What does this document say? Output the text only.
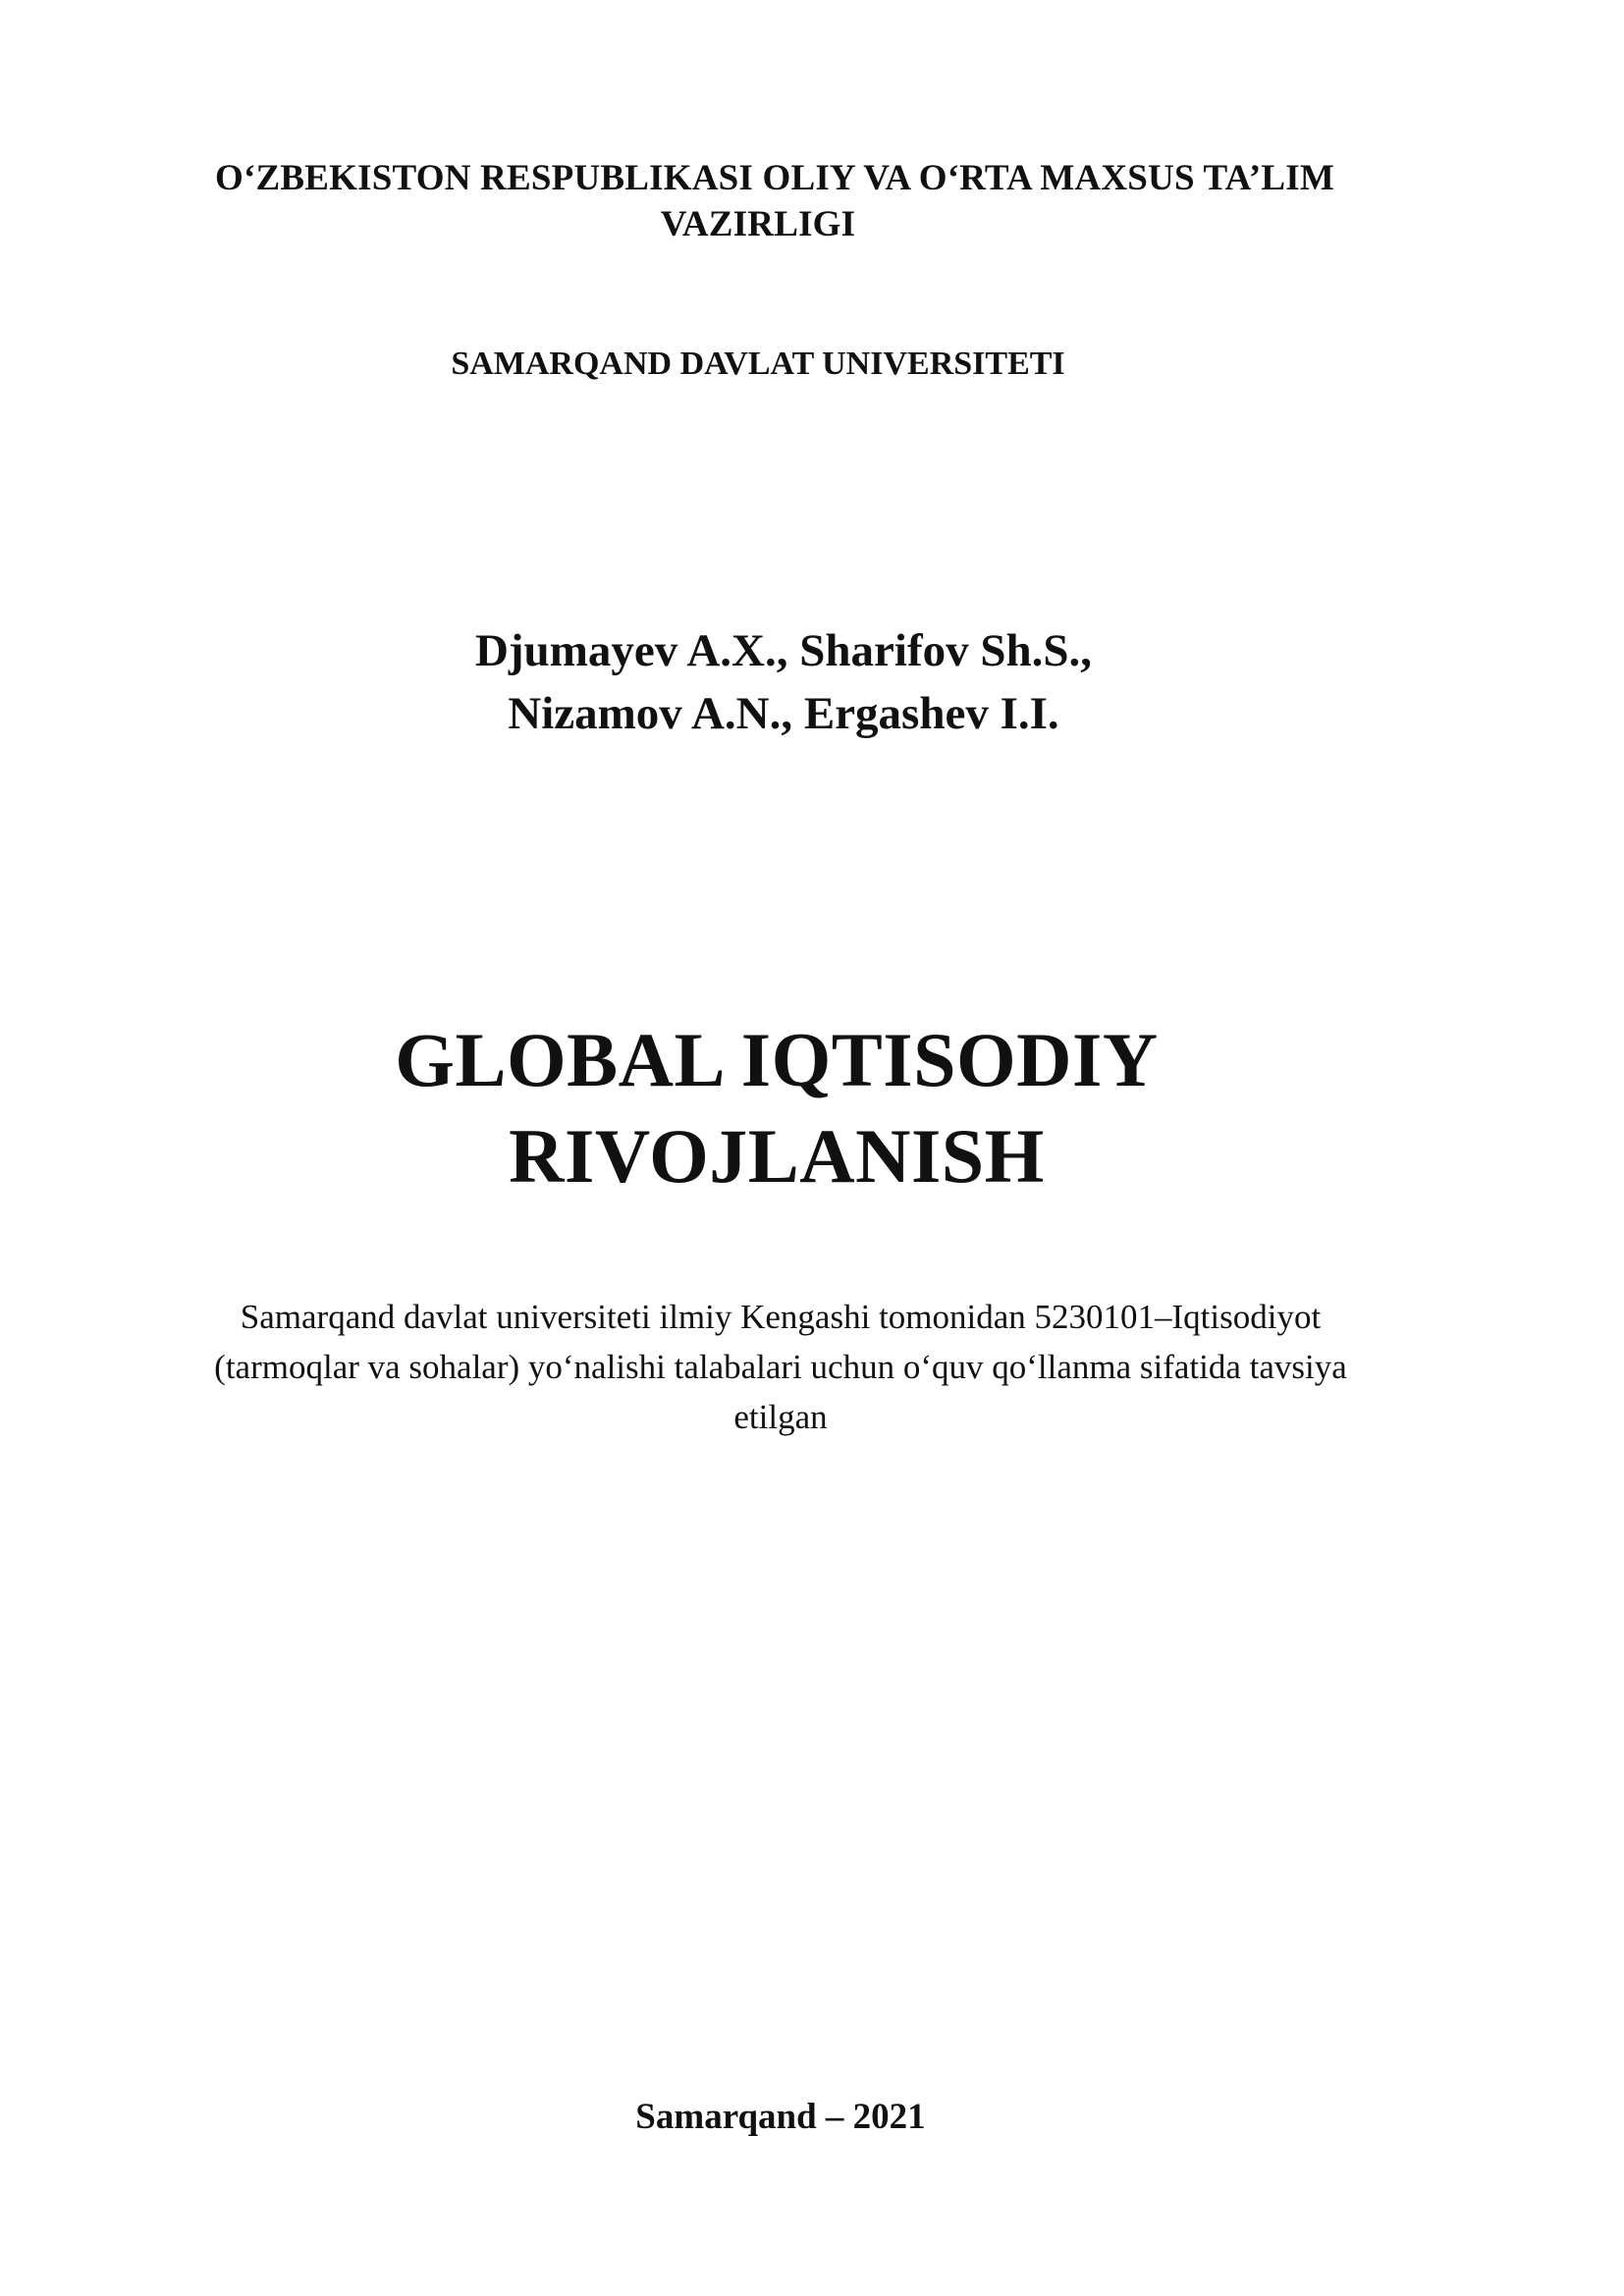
O‘ZBEKISTON RESPUBLIKASI OLIY VA O‘RTA MAXSUS TA’LIM
VAZIRLIGI
SAMARQAND DAVLAT UNIVERSITETI
Djumayev A.X., Sharifov Sh.S.,
Nizamov A.N., Ergashev I.I.
GLOBAL IQTISODIY
RIVOJLANISH
Samarqand davlat universiteti ilmiy Kengashi tomonidan 5230101–Iqtisodiyot
(tarmoqlar va sohalar) yo‘nalishi talabalari uchun o‘quv qo‘llanma sifatida tavsiya
etilgan
Samarqand – 2021
